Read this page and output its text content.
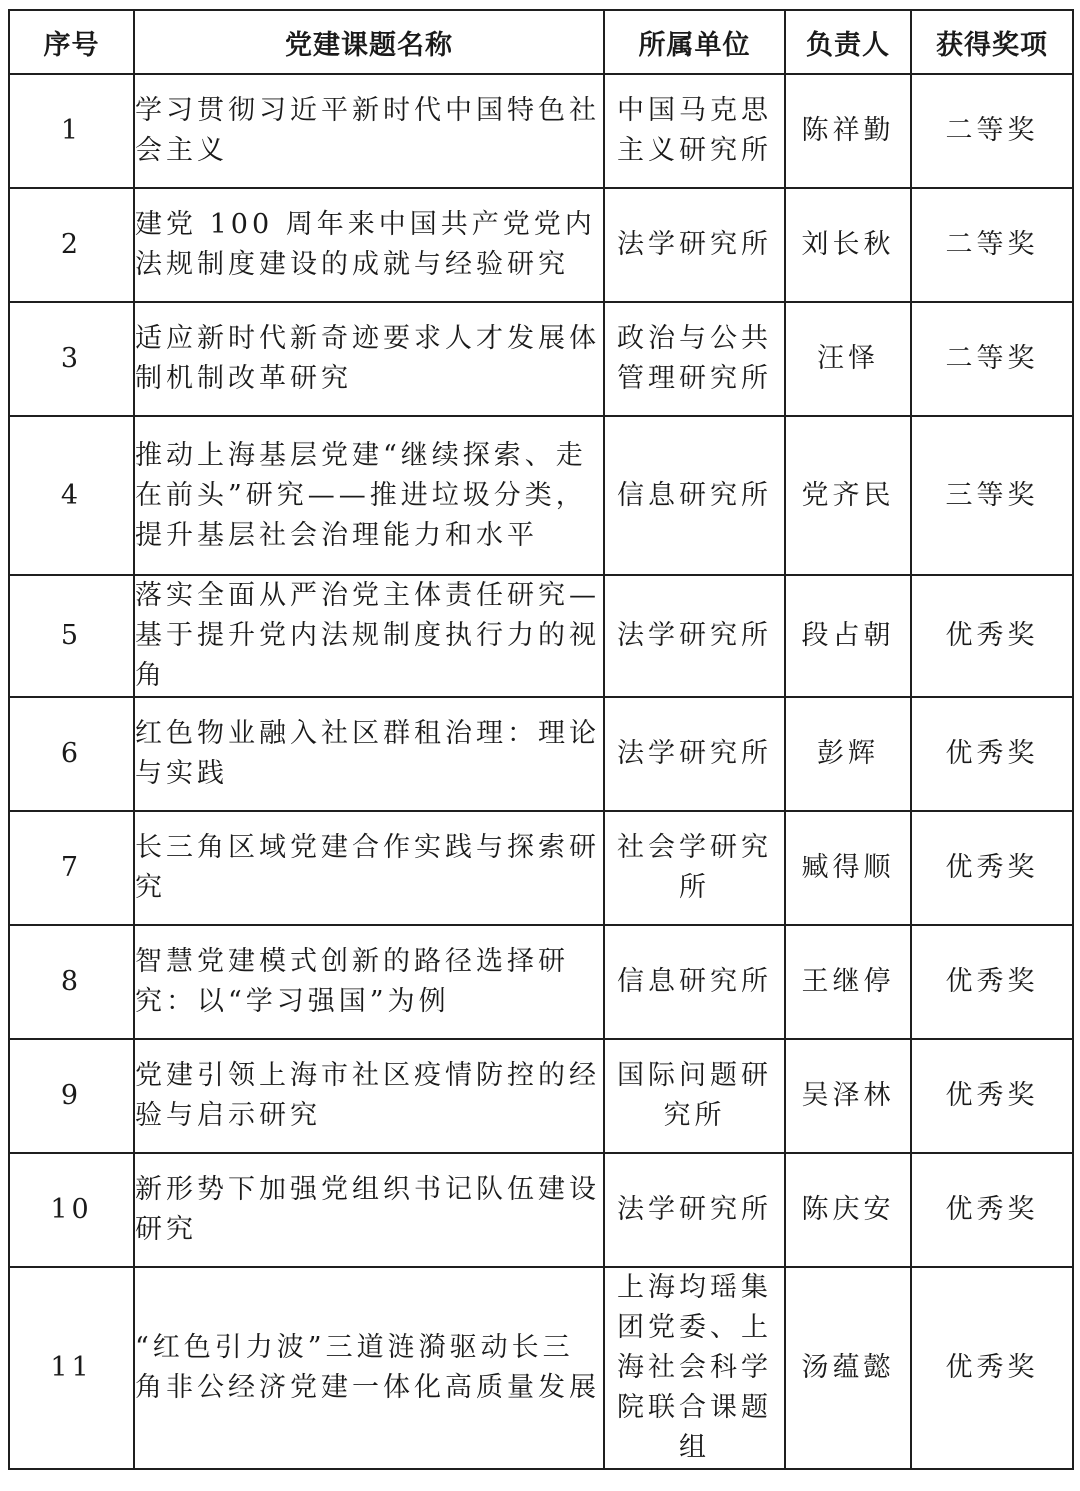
序号	党建课题名称	所属单位	负责人	获得奖项
1	学习贯彻习近平新时代中国特色社会主义	中国马克思主义研究所	陈祥勤	二等奖
2	建党 100 周年来中国共产党党内法规制度建设的成就与经验研究	法学研究所	刘长秋	二等奖
3	适应新时代新奇迹要求人才发展体制机制改革研究	政治与公共管理研究所	汪怿	二等奖
4	推动上海基层党建“继续探索、走在前头”研究——推进垃圾分类，提升基层社会治理能力和水平	信息研究所	党齐民	三等奖
5	落实全面从严治党主体责任研究—基于提升党内法规制度执行力的视角	法学研究所	段占朝	优秀奖
6	红色物业融入社区群租治理：理论与实践	法学研究所	彭辉	优秀奖
7	长三角区域党建合作实践与探索研究	社会学研究所	臧得顺	优秀奖
8	智慧党建模式创新的路径选择研究：以“学习强国”为例	信息研究所	王继停	优秀奖
9	党建引领上海市社区疫情防控的经验与启示研究	国际问题研究所	吴泽林	优秀奖
10	新形势下加强党组织书记队伍建设研究	法学研究所	陈庆安	优秀奖
11	“红色引力波”三道涟漪驱动长三角非公经济党建一体化高质量发展	上海均瑶集团党委、上海社会科学院联合课题组	汤蕴懿	优秀奖
